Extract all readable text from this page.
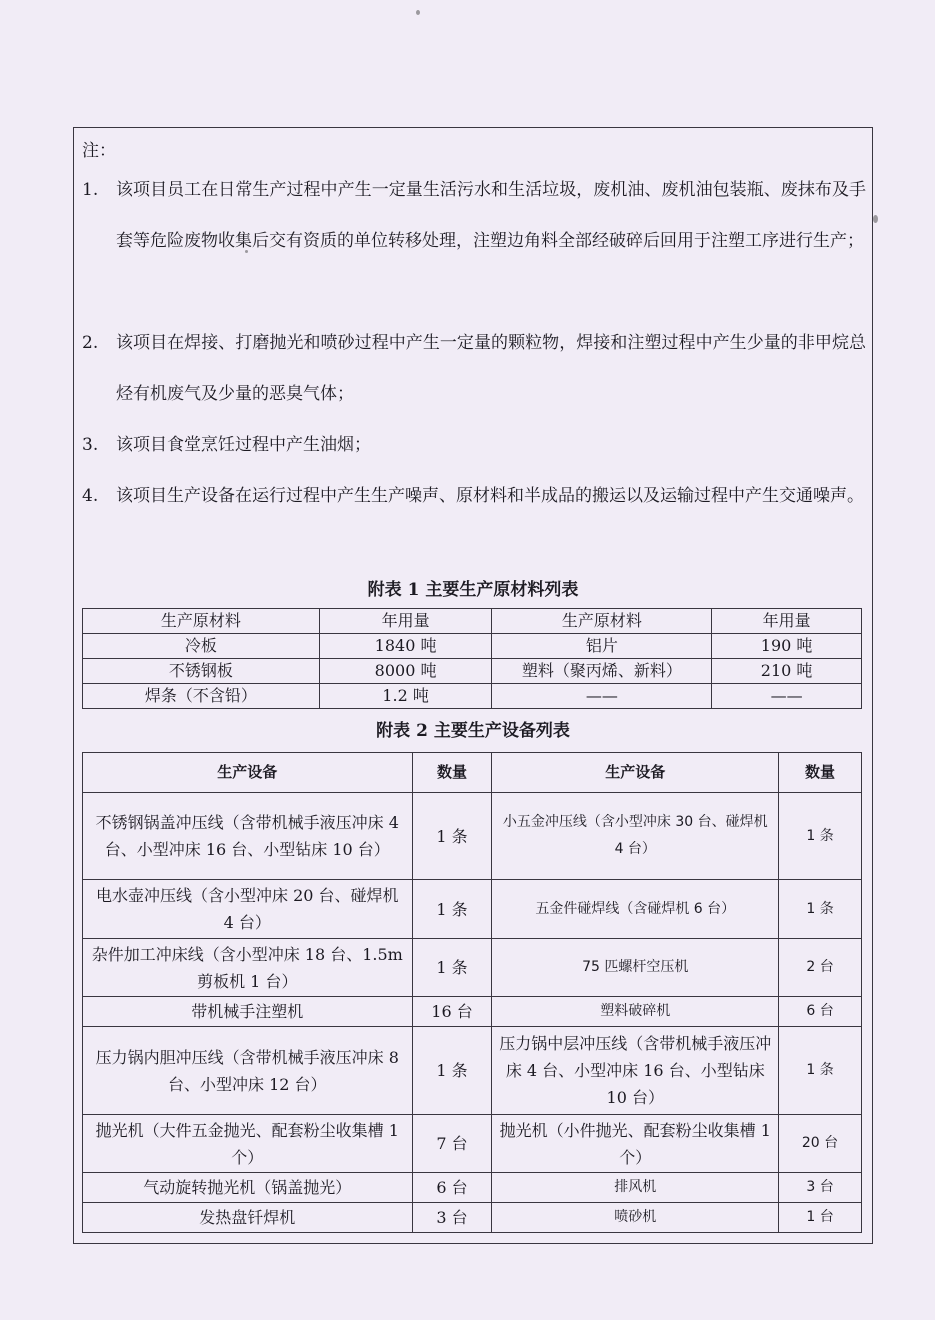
注：
1.	该项目员工在日常生产过程中产生一定量生活污水和生活垃圾，废机油、废机油包装瓶、废抹布及手套等危险废物收集后交有资质的单位转移处理，注塑边角料全部经破碎后回用于注塑工序进行生产；
2.	该项目在焊接、打磨抛光和喷砂过程中产生一定量的颗粒物，焊接和注塑过程中产生少量的非甲烷总烃有机废气及少量的恶臭气体；
3.	该项目食堂烹饪过程中产生油烟；
4.	该项目生产设备在运行过程中产生生产噪声、原材料和半成品的搬运以及运输过程中产生交通噪声。
附表 1 主要生产原材料列表
生产原材料	年用量	生产原材料	年用量
冷板	1840 吨	铝片	190 吨
不锈钢板	8000 吨	塑料（聚丙烯、新料）	210 吨
焊条（不含铅）	1.2 吨	——	——
附表 2 主要生产设备列表
生产设备	数量	生产设备	数量
不锈钢锅盖冲压线（含带机械手液压冲床 4 台、小型冲床 16 台、小型钻床 10 台）	1 条	小五金冲压线（含小型冲床 30 台、碰焊机 4 台）	1 条
电水壶冲压线（含小型冲床 20 台、碰焊机 4 台）	1 条	五金件碰焊线（含碰焊机 6 台）	1 条
杂件加工冲床线（含小型冲床 18 台、1.5m 剪板机 1 台）	1 条	75 匹螺杆空压机	2 台
带机械手注塑机	16 台	塑料破碎机	6 台
压力锅内胆冲压线（含带机械手液压冲床 8 台、小型冲床 12 台）	1 条	压力锅中层冲压线（含带机械手液压冲床 4 台、小型冲床 16 台、小型钻床 10 台）	1 条
抛光机（大件五金抛光、配套粉尘收集槽 1 个）	7 台	抛光机（小件抛光、配套粉尘收集槽 1 个）	20 台
气动旋转抛光机（锅盖抛光）	6 台	排风机	3 台
发热盘钎焊机	3 台	喷砂机	1 台
